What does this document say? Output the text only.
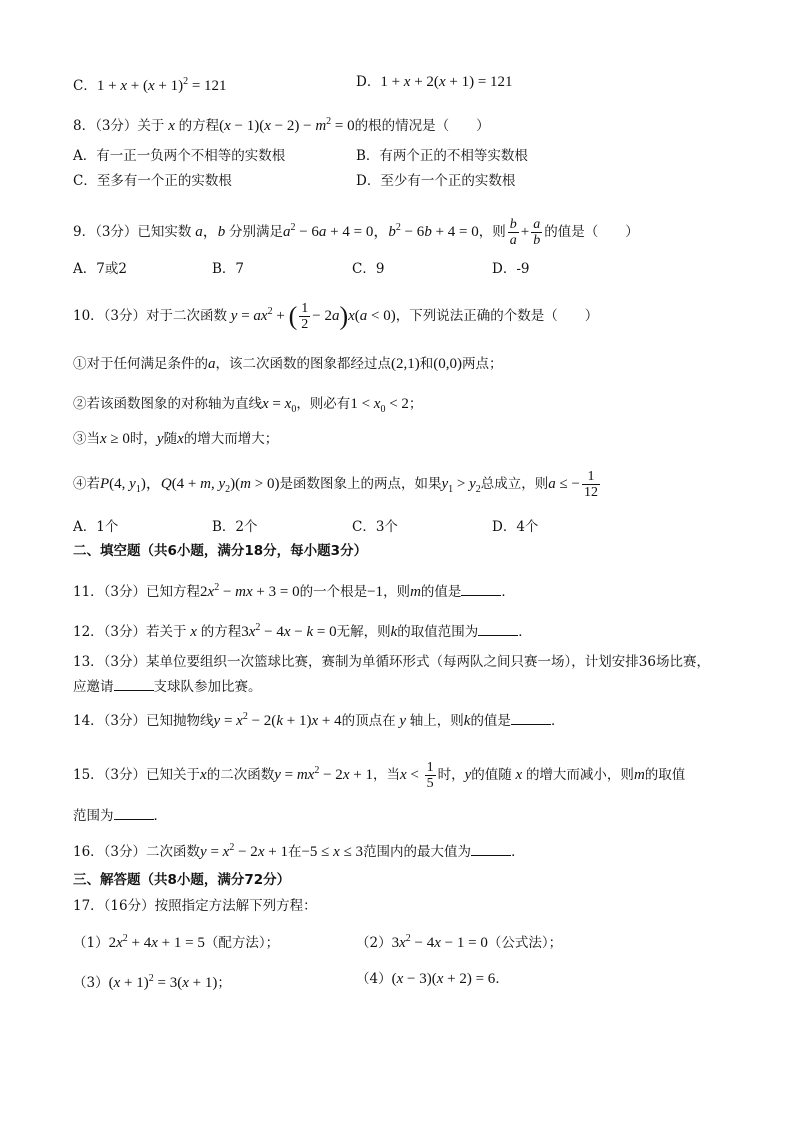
C．$1 + x + (x + 1)^2 = 121$	D．1 + x + 2(x + 1) = 121
8．（3分）关于 x 的方程$(x - 1)(x - 2) - m^2 = 0$的根的情况是（　　）
A．有一正一负两个不相等的实数根	B．有两个正的不相等实数根
C．至多有一个正的实数根	D．至少有一个正的实数根
9．（3分）已知实数 a，b 分别满足$a^2 - 6a + 4 = 0$，$b^2 - 6b + 4 = 0$，则 $\frac{b}{a} + \frac{a}{b}$ 的值是（　　）
A．7或2	B．7	C．9	D．-9
10．（3分）对于二次函数 $y = ax^2$ + ( $\frac{1}{2} - 2a)x(a < 0)$，下列说法正确的个数是（　　）
①对于任何满足条件的a，该二次函数的图象都经过点(2,1)和(0,0)两点；
②若该函数图象的对称轴为直线$x = x_0$，则必有$1 < x_0 < 2$；
③当x ≥ 0时，y随x的增大而增大；
④若P(4, $y_1$)，Q(4 + m, $y_2)(m > 0)$是函数图象上的两点，如果$y_1 > y_2$总成立，则a ≤ − $\frac{1}{12}$
A．1个	B．2个	C．3个	D．4个
二、填空题（共6小题，满分18分，每小题3分）
11．（3分）已知方程$2x^2$ − mx + 3 = 0的一个根是−1，则m的值是	．
12．（3分）若关于 x 的方程$3x^2 - 4x - k = 0$无解，则k的取值范围为	．
13．（3分）某单位要组织一次篮球比赛，赛制为单循环形式（每两队之间只赛一场），计划安排36场比赛，
应邀请	支球队参加比赛。
14．（3分）已知抛物线$y = x^2 - 2(k + 1)x + 4$的顶点在 y 轴上，则k的值是	．
15．（3分）已知关于x的二次函数$y = mx^2 - 2x + 1$，当$x < \frac{1}{5}$ 时，y的值随 x 的增大而减小，则m的取值
范围为	．
16．（3分）二次函数$y = x^2 - 2x + 1$在−5 ≤ x ≤ 3范围内的最大值为	．
三、解答题（共8小题，满分72分）
17．（16分）按照指定方法解下列方程：
$(1)2x^2 + 4x + 1 = 5$（配方法）；	$(2)3x^2 - 4x - 1 = 0$（公式法）；
$(3)(x + 1)^2 = 3(x + 1)$；	（4）(x − 3)(x + 2) = 6．
